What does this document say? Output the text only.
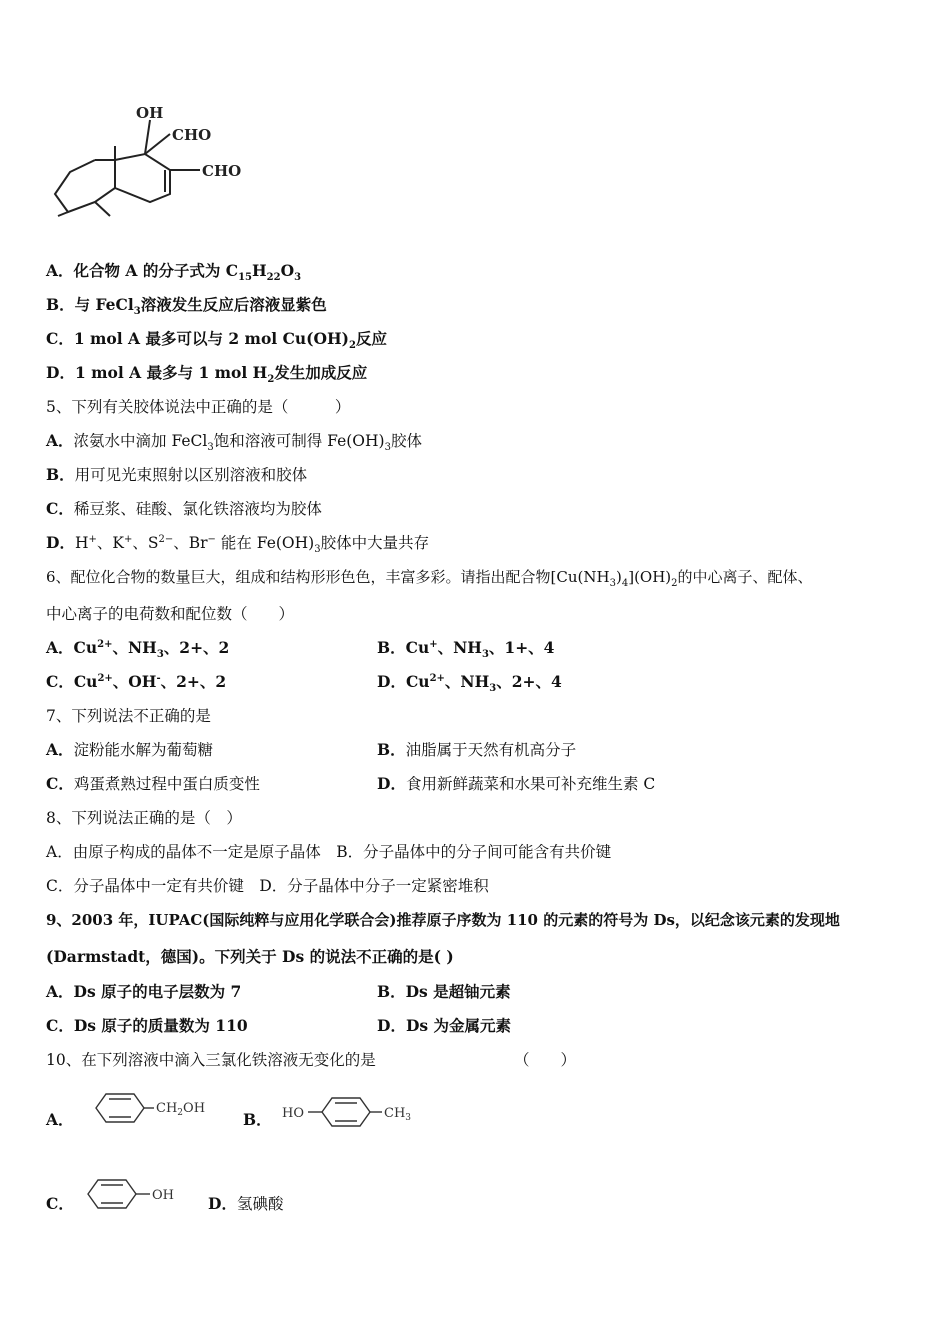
OH
CHO
CHO
A．化合物 A 的分子式为 $C_{15}H_{22}O_3$
B．与 FeCl$_3$溶液发生反应后溶液显紫色
C．1 mol A 最多可以与 2 mol $Cu(OH)_2$反应
D．1 mol A 最多与 1 mol $H_2$发生加成反应
5、下列有关胶体说法中正确的是（　　　）
A．浓氨水中滴加 FeCl$_3$饱和溶液可制得 $Fe(OH)_3$胶体
B．用可见光束照射以区别溶液和胶体
C．稀豆浆、硅酸、氯化铁溶液均为胶体
D．H+、K+、$S^{2-}$、Br− 能在 $Fe(OH)_3$胶体中大量共存
6、配位化合物的数量巨大，组成和结构形形色色，丰富多彩。请指出配合物$[Cu(NH_3)_4](OH)_2$的中心离子、配体、
中心离子的电荷数和配位数（　　）
A．$Cu^{2+}$、$NH_3$、2+、2	B．Cu+、$NH_3$、1+、4
C．$Cu^{2+}$、OH-、2+、2	D．$Cu^{2+}$、$NH_3$、2+、4
7、下列说法不正确的是
A．淀粉能水解为葡萄糖	B．油脂属于天然有机高分子
C．鸡蛋煮熟过程中蛋白质变性	D．食用新鲜蔬菜和水果可补充维生素 C
8、下列说法正确的是（　）
A．由原子构成的晶体不一定是原子晶体　B．分子晶体中的分子间可能含有共价键
C．分子晶体中一定有共价键　D．分子晶体中分子一定紧密堆积
9、2003 年，IUPAC(国际纯粹与应用化学联合会)推荐原子序数为 110 的元素的符号为 Ds，以纪念该元素的发现地
(Darmstadt，德国)。下列关于 Ds 的说法不正确的是( )
A．Ds 原子的电子层数为 7	B．Ds 是超铀元素
C．Ds 原子的质量数为 110	D．Ds 为金属元素
10、在下列溶液中滴入三氯化铁溶液无变化的是	（　　）
A．
$CH_2OH$
B． HO	$CH_3$
C．	OH D．氢碘酸
